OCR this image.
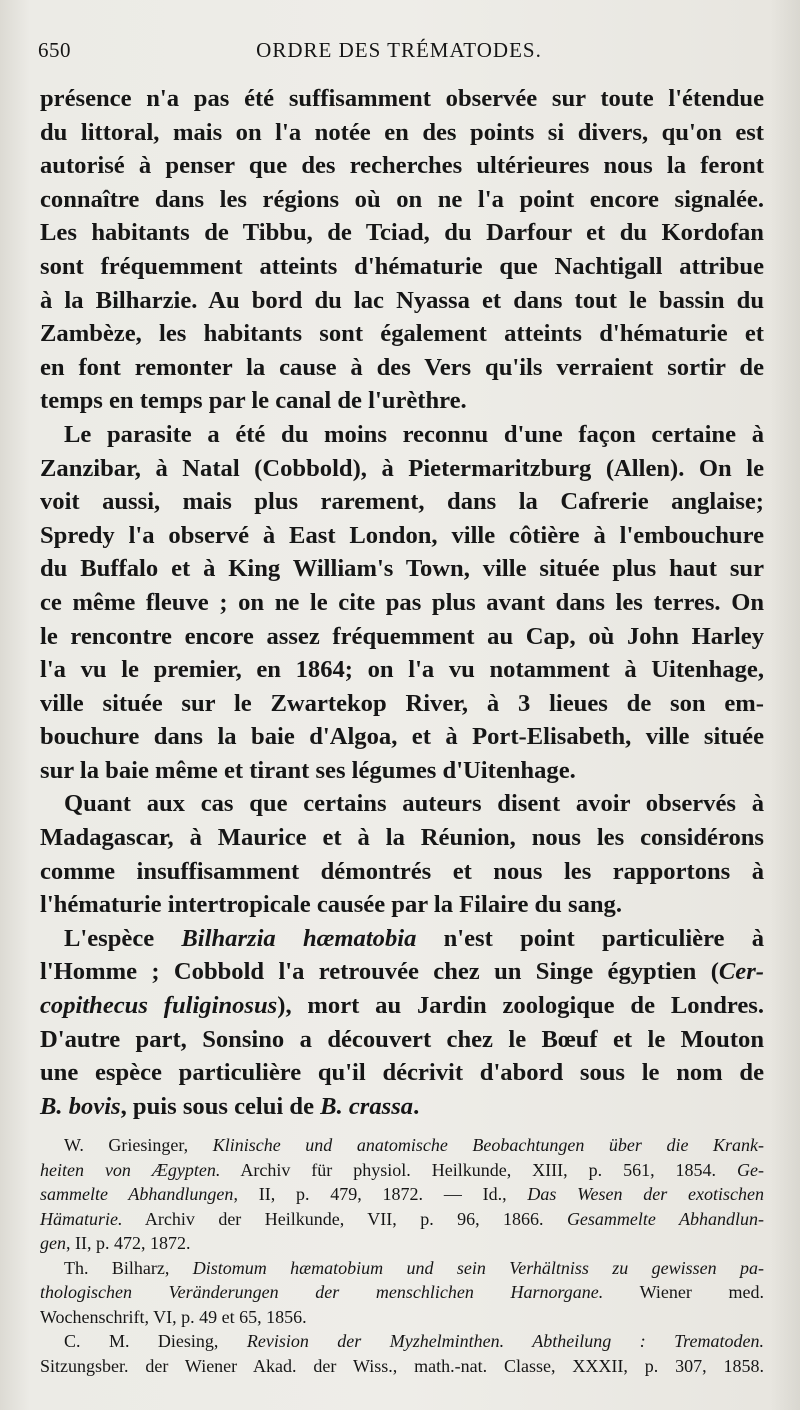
650	ORDRE DES TRÉMATODES.
présence n'a pas été suffisamment observée sur toute l'étendue
du littoral, mais on l'a notée en des points si divers, qu'on est
autorisé à penser que des recherches ultérieures nous la feront
connaître dans les régions où on ne l'a point encore signalée.
Les habitants de Tibbu, de Tciad, du Darfour et du Kordofan
sont fréquemment atteints d'hématurie que Nachtigall attribue
à la Bilharzie. Au bord du lac Nyassa et dans tout le bassin du
Zambèze, les habitants sont également atteints d'hématurie et
en font remonter la cause à des Vers qu'ils verraient sortir de
temps en temps par le canal de l'urèthre.
Le parasite a été du moins reconnu d'une façon certaine à
Zanzibar, à Natal (Cobbold), à Pietermaritzburg (Allen). On le
voit aussi, mais plus rarement, dans la Cafrerie anglaise;
Spredy l'a observé à East London, ville côtière à l'embouchure
du Buffalo et à King William's Town, ville située plus haut sur
ce même fleuve ; on ne le cite pas plus avant dans les terres. On
le rencontre encore assez fréquemment au Cap, où John Harley
l'a vu le premier, en 1864; on l'a vu notamment à Uitenhage,
ville située sur le Zwartekop River, à 3 lieues de son em-
bouchure dans la baie d'Algoa, et à Port-Elisabeth, ville située
sur la baie même et tirant ses légumes d'Uitenhage.
Quant aux cas que certains auteurs disent avoir observés à
Madagascar, à Maurice et à la Réunion, nous les considérons
comme insuffisamment démontrés et nous les rapportons à
l'hématurie intertropicale causée par la Filaire du sang.
L'espèce Bilharzia hæmatobia n'est point particulière à
l'Homme ; Cobbold l'a retrouvée chez un Singe égyptien (Cer-
copithecus fuliginosus), mort au Jardin zoologique de Londres.
D'autre part, Sonsino a découvert chez le Bœuf et le Mouton
une espèce particulière qu'il décrivit d'abord sous le nom de
B. bovis, puis sous celui de B. crassa.
W. Griesinger, Klinische und anatomische Beobachtungen über die Krank-
heiten von Ægypten. Archiv für physiol. Heilkunde, XIII, p. 561, 1854. Ge-
sammelte Abhandlungen, II, p. 479, 1872. — Id., Das Wesen der exotischen
Hämaturie. Archiv der Heilkunde, VII, p. 96, 1866. Gesammelte Abhandlun-
gen, II, p. 472, 1872.
Th. Bilharz, Distomum hæmatobium und sein Verhältniss zu gewissen pa-
thologischen Veränderungen der menschlichen Harnorgane. Wiener med.
Wochenschrift, VI, p. 49 et 65, 1856.
C. M. Diesing, Revision der Myzhelminthen. Abtheilung : Trematoden.
Sitzungsber. der Wiener Akad. der Wiss., math.-nat. Classe, XXXII, p. 307, 1858.
